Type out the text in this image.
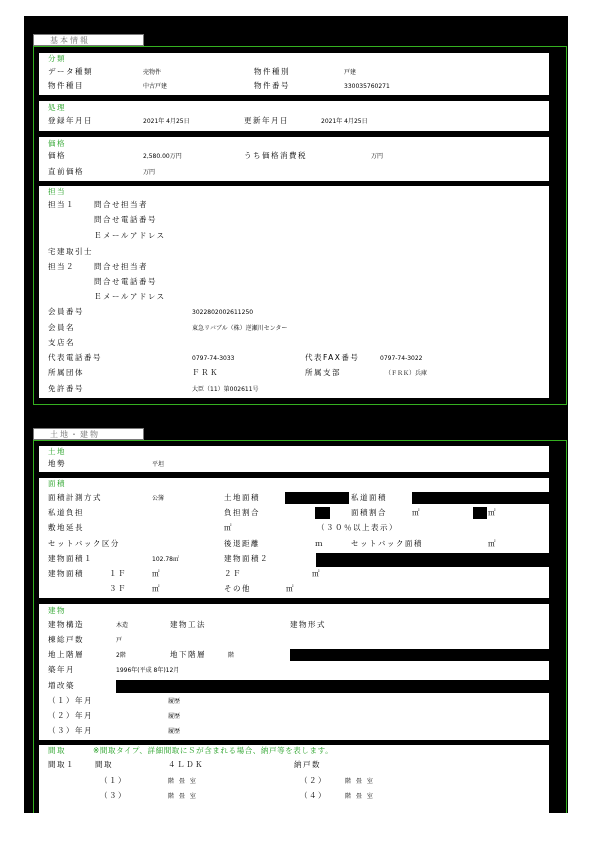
基本情報
分類
データ種類	売物件	物件種別	戸建
物件種目	中古戸建	物件番号	330035760271
処理
登録年月日	2021年 4月25日	更新年月日	2021年 4月25日
価格
価格	2,580.00万円	うち価格消費税	万円
直前価格	万円
担当
担当１	問合せ担当者
問合せ電話番号
Ｅメールアドレス
宅建取引士
担当２	問合せ担当者
問合せ電話番号
Ｅメールアドレス
会員番号	3022802002611250
会員名	東急リバブル（株）逆瀬川センター
支店名
代表電話番号	0797-74-3033	代表FAX番号	0797-74-3022
所属団体	ＦＲＫ	所属支部	（ＦＲＫ）兵庫
免許番号	大臣（11）第002611号
土地・建物
土地
地勢	平坦
面積
面積計測方式	公簿	土地面積	私道面積
私道負担	負担割合	面積割合	㎡	㎡
敷地延長	㎡	（３０％以上表示）
セットバック区分	後退距離	ｍ	セットバック面積	㎡
建物面積１	102.78㎡	建物面積２
建物面積	１Ｆ	㎡	２Ｆ	㎡
３Ｆ	㎡	その他	㎡
建物
建物構造	木造	建物工法	建物形式
棟総戸数	戸
地上階層	2階	地下階層	階
築年月	1996年(平成 8年)12月
増改築
（１）年月	履歴
（２）年月	履歴
（３）年月	履歴
間取	※間取タイプ、詳細間取にＳが含まれる場合、納戸等を表します。
間取１	間取	４ＬＤＫ	納戸数
（１）	階 畳 室	（２）	階 畳 室
（３）	階 畳 室	（４）	階 畳 室
